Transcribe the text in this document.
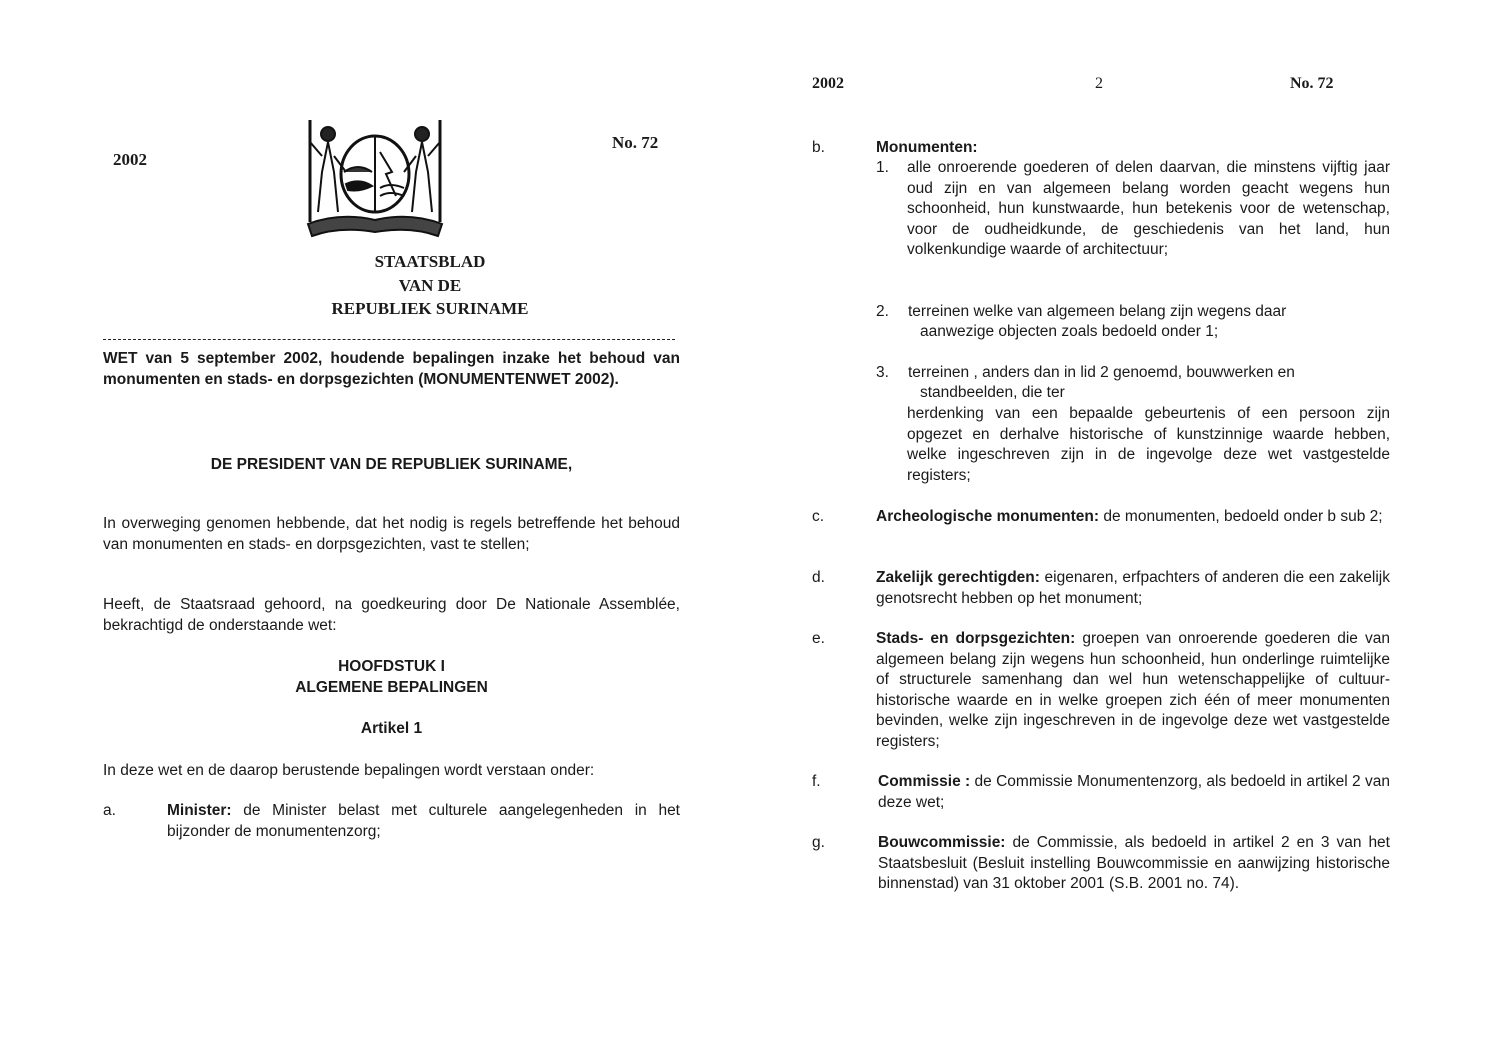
2002
No. 72
STAATSBLAD
VAN DE
REPUBLIEK SURINAME
WET van 5 september 2002, houdende bepalingen inzake het behoud van monumenten en stads- en dorpsgezichten (MONUMENTENWET 2002).
DE PRESIDENT VAN DE REPUBLIEK SURINAME,
In overweging genomen hebbende, dat het nodig is regels betreffende het behoud van monumenten en stads- en dorpsgezichten, vast te stellen;
Heeft, de Staatsraad gehoord, na goedkeuring door De Nationale Assemblée, bekrachtigd de onderstaande wet:
HOOFDSTUK I
ALGEMENE BEPALINGEN
Artikel 1
In deze wet en de daarop berustende bepalingen wordt verstaan onder:
a.	Minister: de Minister belast met culturele aangelegenheden in het bijzonder de monumentenzorg;
2002	2	No. 72
b.	Monumenten:
1. alle onroerende goederen of delen daarvan, die minstens vijftig jaar oud zijn en van algemeen belang worden geacht wegens hun schoonheid, hun kunstwaarde, hun betekenis voor de wetenschap, voor de oudheidkunde, de geschiedenis van het land, hun volkenkundige waarde of architectuur;
2. terreinen welke van algemeen belang zijn wegens daar
aanwezige objecten zoals bedoeld onder 1;
3. terreinen , anders dan in lid 2 genoemd, bouwwerken en
standbeelden, die ter
herdenking van een bepaalde gebeurtenis of een persoon zijn opgezet en derhalve historische of kunstzinnige waarde hebben, welke ingeschreven zijn in de ingevolge deze wet vastgestelde registers;
c.	Archeologische monumenten: de monumenten, bedoeld onder b sub 2;
d.	Zakelijk gerechtigden: eigenaren, erfpachters of anderen die een zakelijk genotsrecht hebben op het monument;
e.	Stads- en dorpsgezichten: groepen van onroerende goederen die van algemeen belang zijn wegens hun schoonheid, hun onderlinge ruimtelijke of structurele samenhang dan wel hun wetenschappelijke of cultuur-historische waarde en in welke groepen zich één of meer monumenten bevinden, welke zijn ingeschreven in de ingevolge deze wet vastgestelde registers;
f.	Commissie : de Commissie Monumentenzorg, als bedoeld in artikel 2 van deze wet;
g.	Bouwcommissie: de Commissie, als bedoeld in artikel 2 en 3 van het Staatsbesluit (Besluit instelling Bouwcommissie en aanwijzing historische binnenstad) van 31 oktober 2001 (S.B. 2001 no. 74).
